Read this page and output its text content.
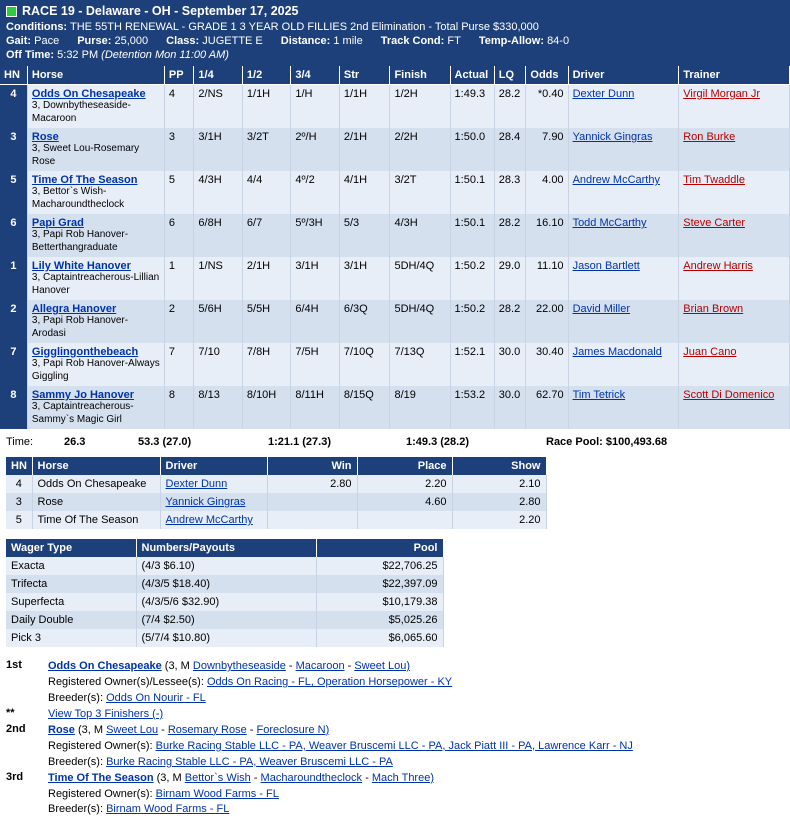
RACE 19 - Delaware - OH - September 17, 2025
Conditions: THE 55TH RENEWAL - GRADE 1 3 YEAR OLD FILLIES 2nd Elimination - Total Purse $330,000
Gait: Pace Purse: 25,000 Class: JUGETTE E Distance: 1 mile Track Cond: FT Temp-Allow: 84-0
Off Time: 5:32 PM (Detention Mon 11:00 AM)
HN	Horse	PP	1/4	1/2	3/4	Str	Finish	Actual	LQ	Odds	Driver	Trainer
4	Odds On Chesapeake
3, Downbytheseaside-Macaroon	4	2/NS	1/1H	1/H	1/1H	1/2H	1:49.3	28.2	*0.40	Dexter Dunn	Virgil Morgan Jr
3	Rose
3, Sweet Lou-Rosemary Rose	3	3/1H	3/2T	2º/H	2/1H	2/2H	1:50.0	28.4	7.90	Yannick Gingras	Ron Burke
5	Time Of The Season
3, Bettor`s Wish-Macharoundtheclock	5	4/3H	4/4	4º/2	4/1H	3/2T	1:50.1	28.3	4.00	Andrew McCarthy	Tim Twaddle
6	Papi Grad
3, Papi Rob Hanover-Betterthangraduate	6	6/8H	6/7	5º/3H	5/3	4/3H	1:50.1	28.2	16.10	Todd McCarthy	Steve Carter
1	Lily White Hanover
3, Captaintreacherous-Lillian Hanover	1	1/NS	2/1H	3/1H	3/1H	5DH/4Q	1:50.2	29.0	11.10	Jason Bartlett	Andrew Harris
2	Allegra Hanover
3, Papi Rob Hanover-Arodasi	2	5/6H	5/5H	6/4H	6/3Q	5DH/4Q	1:50.2	28.2	22.00	David Miller	Brian Brown
7	Gigglingonthebeach
3, Papi Rob Hanover-Always Giggling	7	7/10	7/8H	7/5H	7/10Q	7/13Q	1:52.1	30.0	30.40	James Macdonald	Juan Cano
8	Sammy Jo Hanover
3, Captaintreacherous-Sammy`s Magic Girl	8	8/13	8/10H	8/11H	8/15Q	8/19	1:53.2	30.0	62.70	Tim Tetrick	Scott Di Domenico
Time:	26.3	53.3 (27.0)	1:21.1 (27.3)	1:49.3 (28.2)	Race Pool: $100,493.68
HN	Horse	Driver	Win	Place	Show
4	Odds On Chesapeake	Dexter Dunn	2.80	2.20	2.10
3	Rose	Yannick Gingras		4.60	2.80
5	Time Of The Season	Andrew McCarthy			2.20
Wager Type	Numbers/Payouts	Pool
Exacta	(4/3 $6.10)	$22,706.25
Trifecta	(4/3/5 $18.40)	$22,397.09
Superfecta	(4/3/5/6 $32.90)	$10,179.38
Daily Double	(7/4 $2.50)	$5,025.26
Pick 3	(5/7/4 $10.80)	$6,065.60
1st	Odds On Chesapeake (3, M Downbytheseaside - Macaroon - Sweet Lou)
Registered Owner(s)/Lessee(s): Odds On Racing - FL, Operation Horsepower - KY
Breeder(s): Odds On Nourir - FL
**	View Top 3 Finishers (-)
2nd	Rose (3, M Sweet Lou - Rosemary Rose - Foreclosure N)
Registered Owner(s): Burke Racing Stable LLC - PA, Weaver Bruscemi LLC - PA, Jack Piatt III - PA, Lawrence Karr - NJ
Breeder(s): Burke Racing Stable LLC - PA, Weaver Bruscemi LLC - PA
3rd	Time Of The Season (3, M Bettor`s Wish - Macharoundtheclock - Mach Three)
Registered Owner(s): Birnam Wood Farms - FL
Breeder(s): Birnam Wood Farms - FL
